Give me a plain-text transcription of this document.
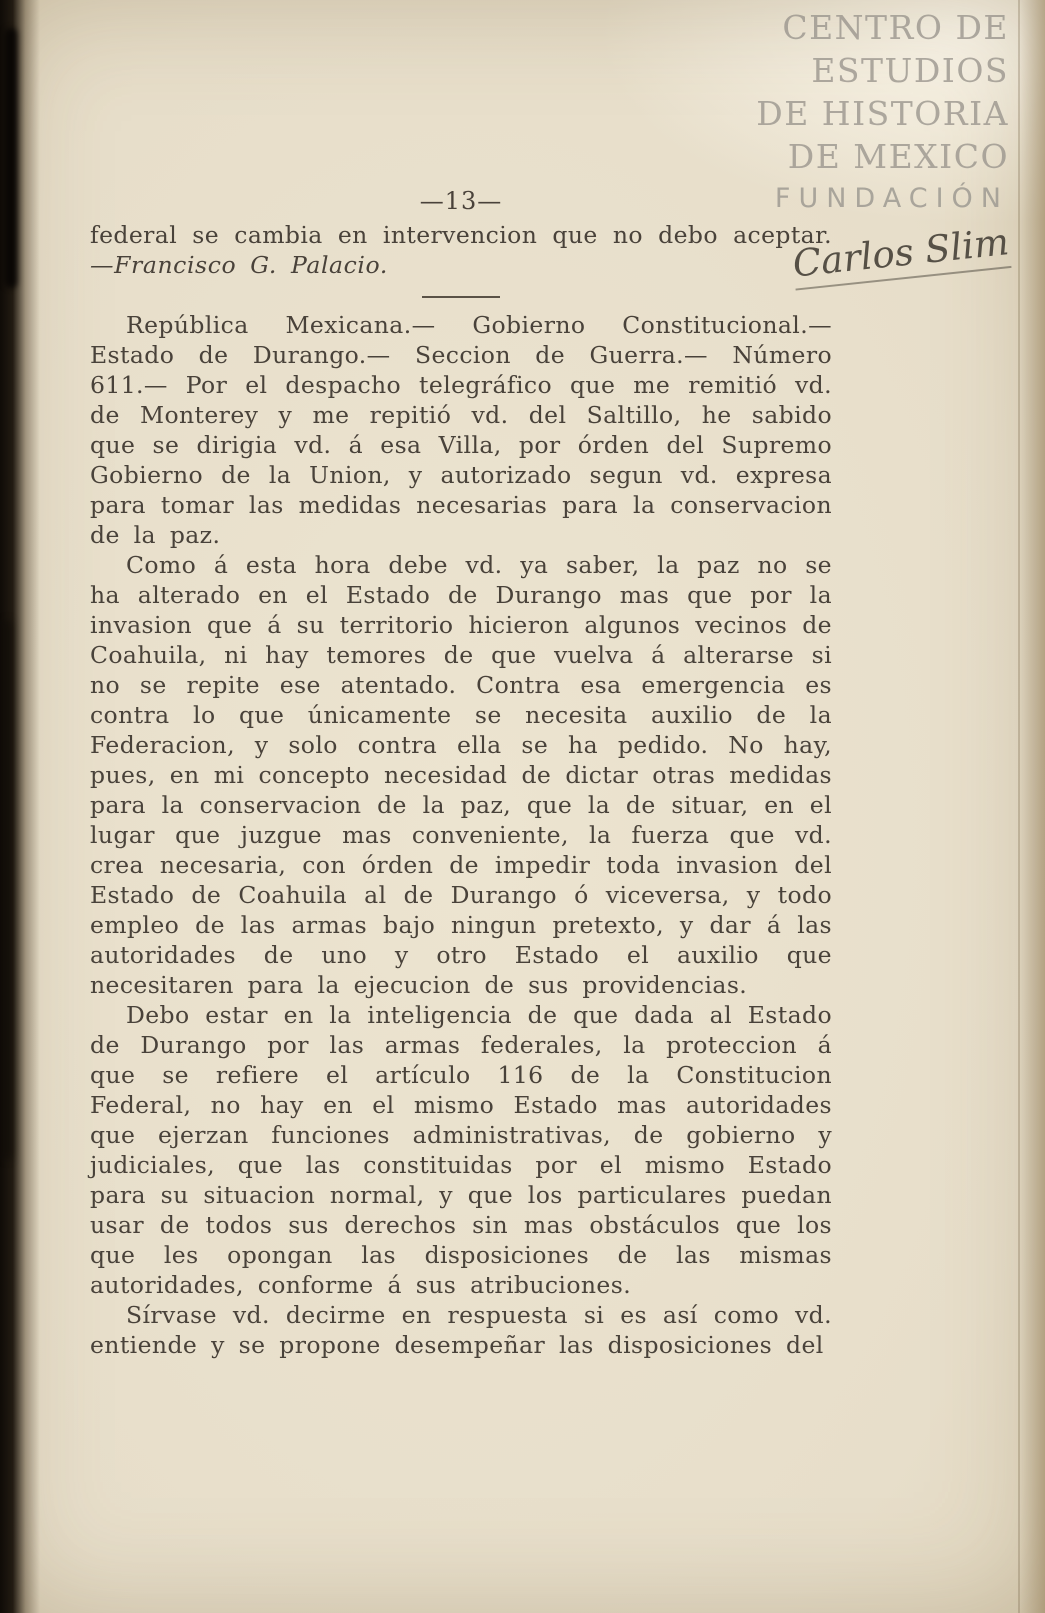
CENTRO DE
ESTUDIOS
DE HISTORIA
DE MEXICO
FUNDACIÓN
Carlos Slim
—13—

federal se cambia en intervencion que no debo aceptar. —Francisco G. Palacio.

República Mexicana.— Gobierno Constitucional.— Estado de Durango.— Seccion de Guerra.— Número 611.— Por el despacho telegráfico que me remitió vd. de Monterey y me repitió vd. del Saltillo, he sabido que se dirigia vd. á esa Villa, por órden del Supremo Gobierno de la Union, y autorizado segun vd. expresa para tomar las medidas necesarias para la conservacion de la paz.

Como á esta hora debe vd. ya saber, la paz no se ha alterado en el Estado de Durango mas que por la invasion que á su territorio hicieron algunos vecinos de Coahuila, ni hay temores de que vuelva á alterarse si no se repite ese atentado. Contra esa emergencia es contra lo que únicamente se necesita auxilio de la Federacion, y solo contra ella se ha pedido. No hay, pues, en mi concepto necesidad de dictar otras medidas para la conservacion de la paz, que la de situar, en el lugar que juzgue mas conveniente, la fuerza que vd. crea necesaria, con órden de impedir toda invasion del Estado de Coahuila al de Durango ó viceversa, y todo empleo de las armas bajo ningun pretexto, y dar á las autoridades de uno y otro Estado el auxilio que necesitaren para la ejecucion de sus providencias.

Debo estar en la inteligencia de que dada al Estado de Durango por las armas federales, la proteccion á que se refiere el artículo 116 de la Constitucion Federal, no hay en el mismo Estado mas autoridades que ejerzan funciones administrativas, de gobierno y judiciales, que las constituidas por el mismo Estado para su situacion normal, y que los particulares puedan usar de todos sus derechos sin mas obstáculos que los que les opongan las disposiciones de las mismas autoridades, conforme á sus atribuciones.

Sírvase vd. decirme en respuesta si es así como vd. entiende y se propone desempeñar las disposiciones del
